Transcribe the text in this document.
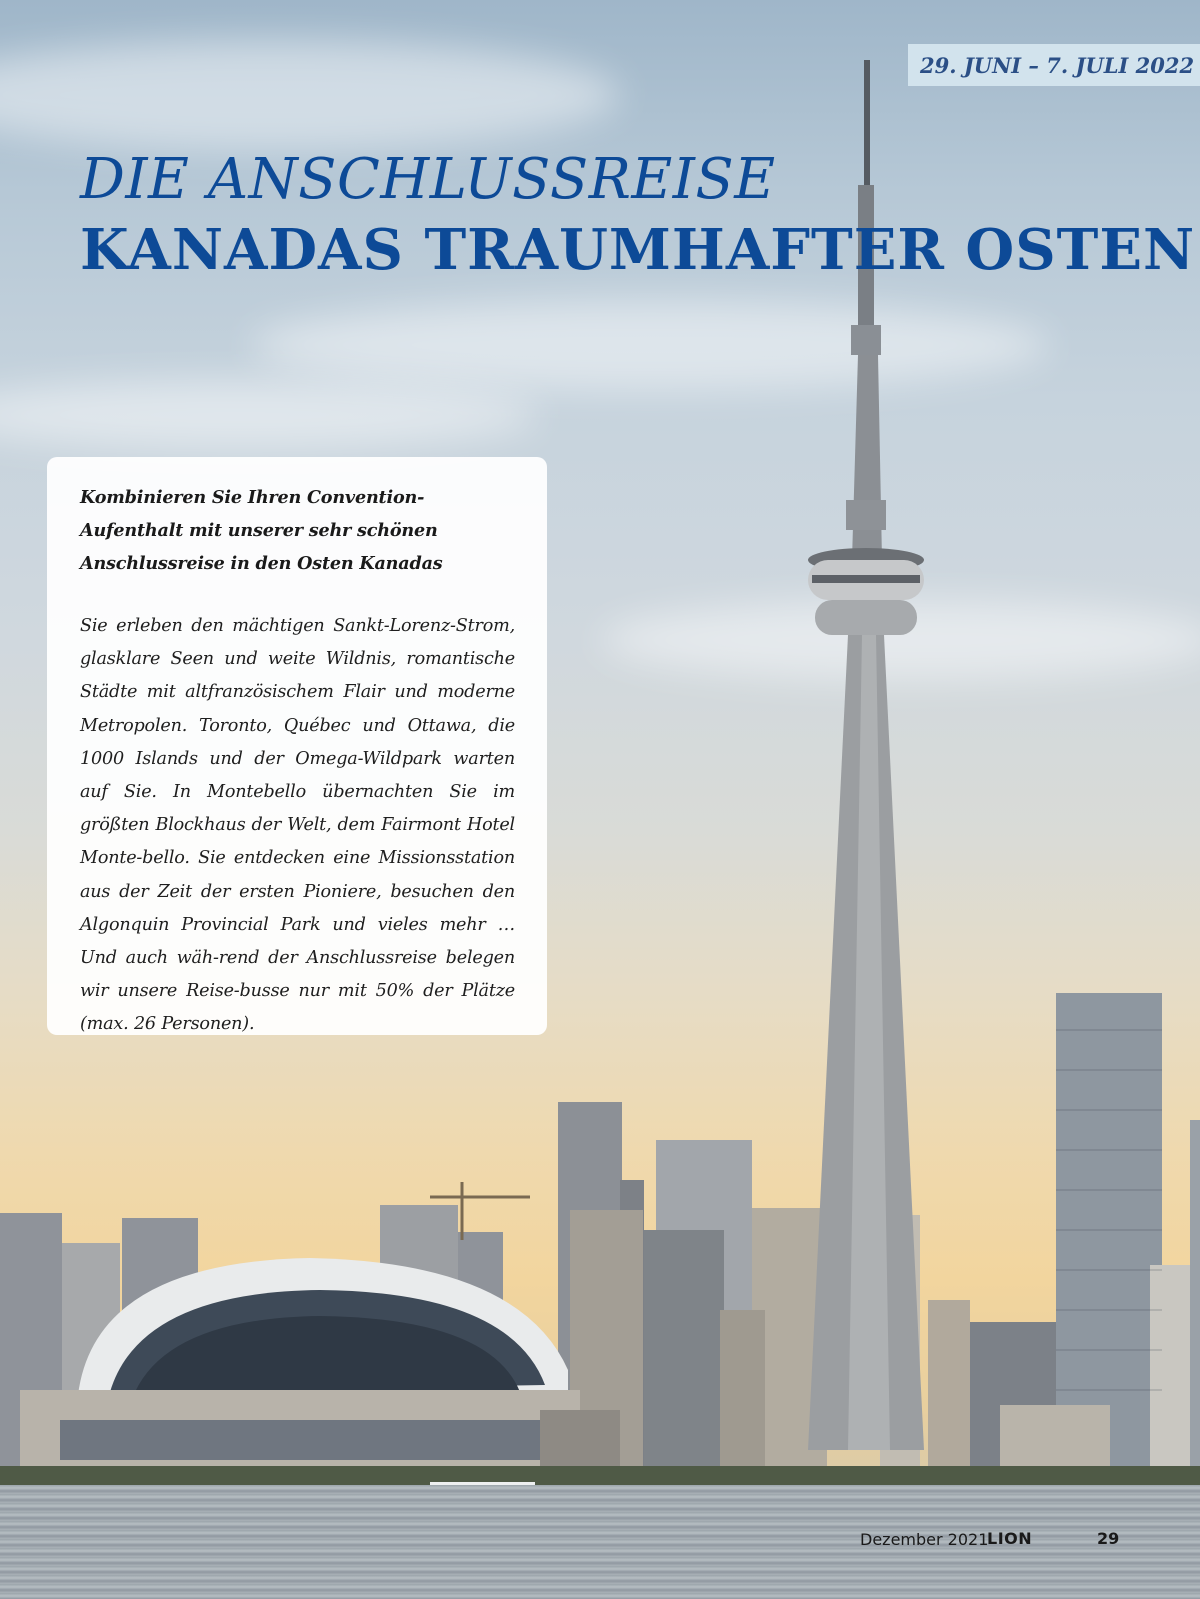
29. JUNI – 7. JULI 2022
DIE ANSCHLUSSREISE
KANADAS TRAUMHAFTER OSTEN

Kombinieren Sie Ihren Convention-Aufenthalt mit unserer sehr schönen Anschlussreise in den Osten Kanadas

Sie erleben den mächtigen Sankt-Lorenz-Strom, glasklare Seen und weite Wildnis, romantische Städte mit altfranzösischem Flair und moderne Metropolen. Toronto, Québec und Ottawa, die 1000 Islands und der Omega-Wildpark warten auf Sie. In Montebello übernachten Sie im größten Blockhaus der Welt, dem Fairmont Hotel Monte-bello. Sie entdecken eine Missionsstation aus der Zeit der ersten Pioniere, besuchen den Algonquin Provincial Park und vieles mehr … Und auch wäh-rend der Anschlussreise belegen wir unsere Reise-busse nur mit 50% der Plätze (max. 26 Personen).

Dezember 2021
LION	29
